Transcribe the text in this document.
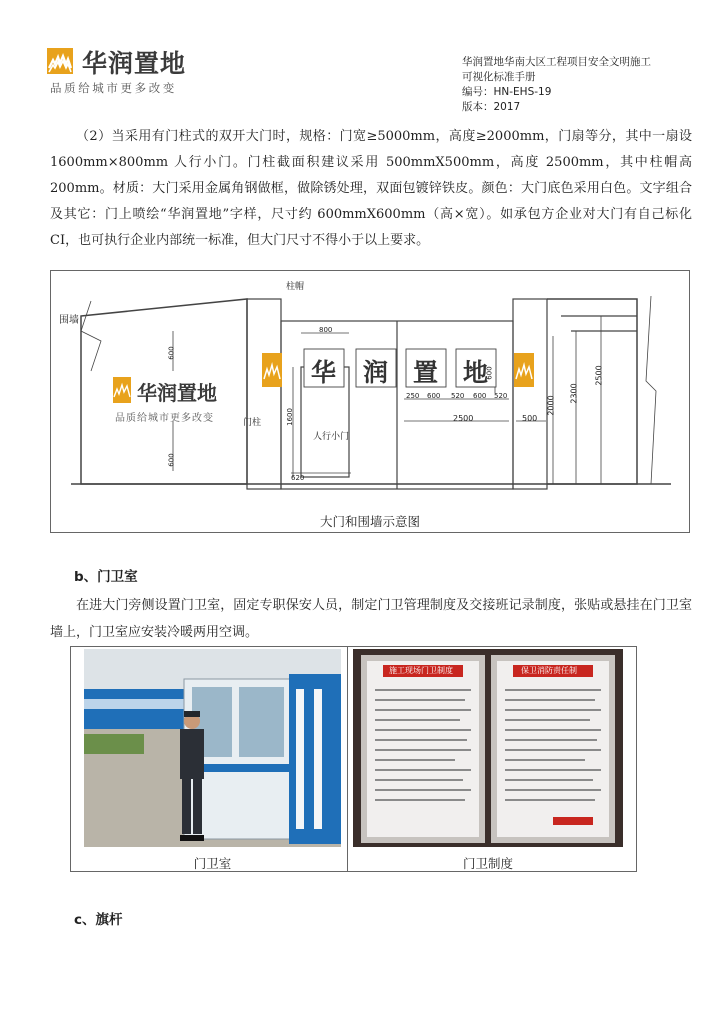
华润置地
品质给城市更多改变
华润置地华南大区工程项目安全文明施工
可视化标准手册
编号：HN-EHS-19
版本：2017

（2）当采用有门柱式的双开大门时，规格：门宽≥5000mm，高度≥2000mm，门扇等分，其中一扇设 1600mm×800mm 人行小门。门柱截面积建议采用 500mmX500mm，高度 2500mm，其中柱帽高 200mm。材质：大门采用金属角钢做框，做除锈处理，双面包镀锌铁皮。颜色：大门底色采用白色。文字组合及其它：门上喷绘“华润置地”字样，尺寸约 600mmX600mm（高×宽）。如承包方企业对大门有自己标化 CI，也可执行企业内部统一标准，但大门尺寸不得小于以上要求。

围墙
柱帽
门柱
人行小门
华 润 置 地
华润置地
品质给城市更多改变
600
600
800
1600
620
250 600 520 600 520
600
2500	500
2000
2300
2500
大门和围墙示意图
b、门卫室

在进大门旁侧设置门卫室，固定专职保安人员，制定门卫管理制度及交接班记录制度，张贴或悬挂在门卫室墙上，门卫室应安装冷暖两用空调。

门卫室
施工现场门卫制度	保卫消防责任制
门卫制度
c、旗杆
